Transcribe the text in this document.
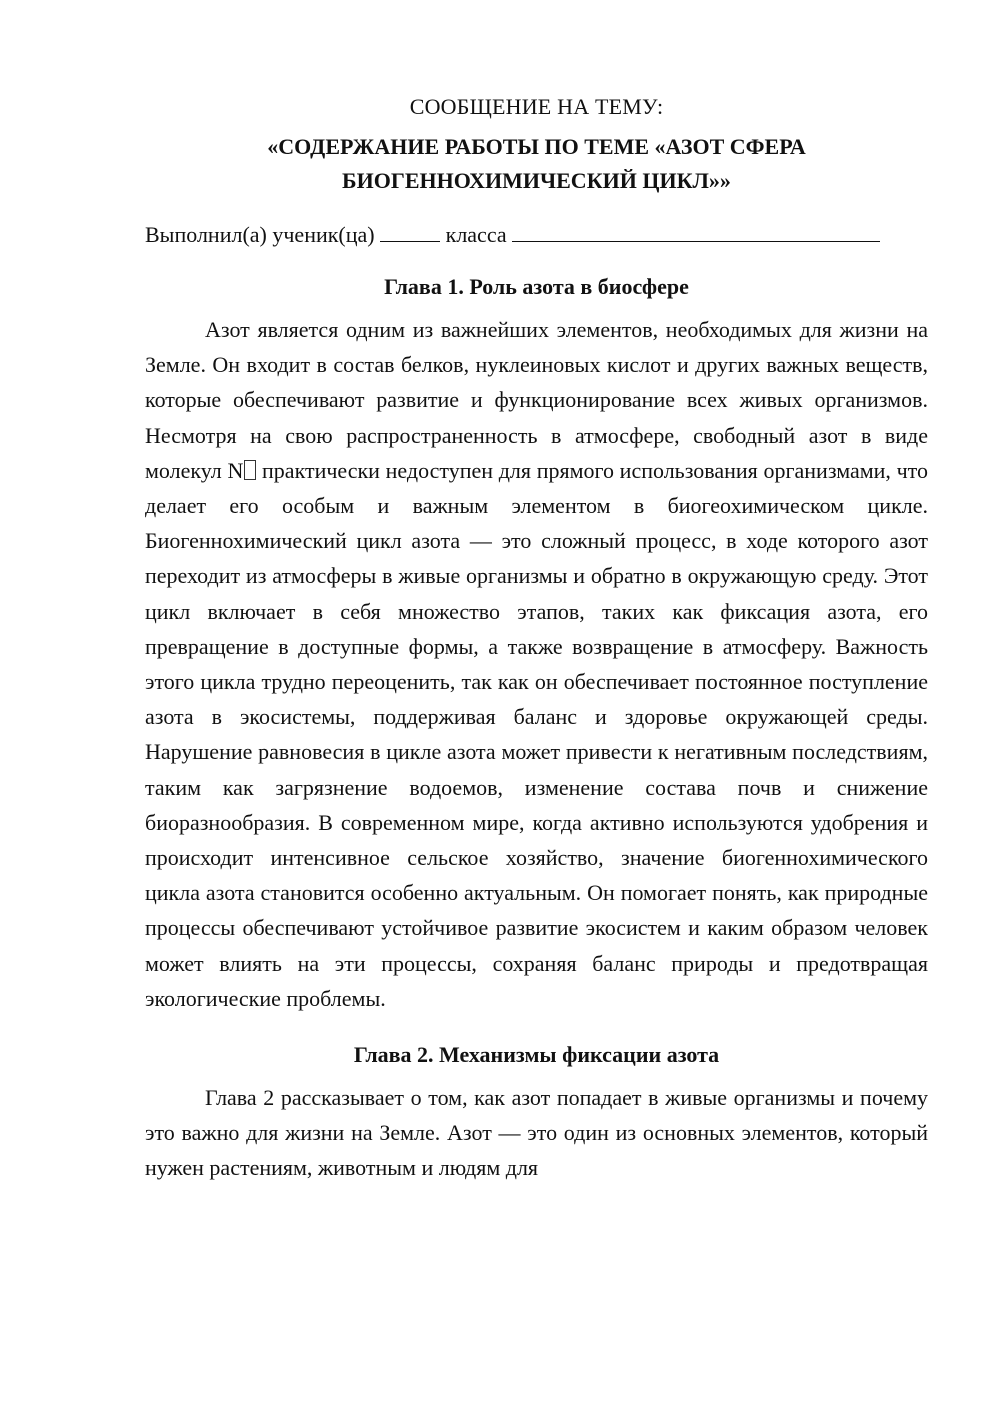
СООБЩЕНИЕ НА ТЕМУ:

«СОДЕРЖАНИЕ РАБОТЫ ПО ТЕМЕ «АЗОТ СФЕРА БИОГЕННОХИМИЧЕСКИЙ ЦИКЛ»»

Выполнил(а) ученик(ца)	класса

Глава 1. Роль азота в биосфере

Азот является одним из важнейших элементов, необходимых для жизни на Земле. Он входит в состав белков, нуклеиновых кислот и других важных веществ, которые обеспечивают развитие и функционирование всех живых организмов. Несмотря на свою распространенность в атмосфере, свободный азот в виде молекул N практически недоступен для прямого использования организмами, что делает его особым и важным элементом в биогеохимическом цикле. Биогеннохимический цикл азота — это сложный процесс, в ходе которого азот переходит из атмосферы в живые организмы и обратно в окружающую среду. Этот цикл включает в себя множество этапов, таких как фиксация азота, его превращение в доступные формы, а также возвращение в атмосферу. Важность этого цикла трудно переоценить, так как он обеспечивает постоянное поступление азота в экосистемы, поддерживая баланс и здоровье окружающей среды. Нарушение равновесия в цикле азота может привести к негативным последствиям, таким как загрязнение водоемов, изменение состава почв и снижение биоразнообразия. В современном мире, когда активно используются удобрения и происходит интенсивное сельское хозяйство, значение биогеннохимического цикла азота становится особенно актуальным. Он помогает понять, как природные процессы обеспечивают устойчивое развитие экосистем и каким образом человек может влиять на эти процессы, сохраняя баланс природы и предотвращая экологические проблемы.

Глава 2. Механизмы фиксации азота

Глава 2 рассказывает о том, как азот попадает в живые организмы и почему это важно для жизни на Земле. Азот — это один из основных элементов, который нужен растениям, животным и людям для
